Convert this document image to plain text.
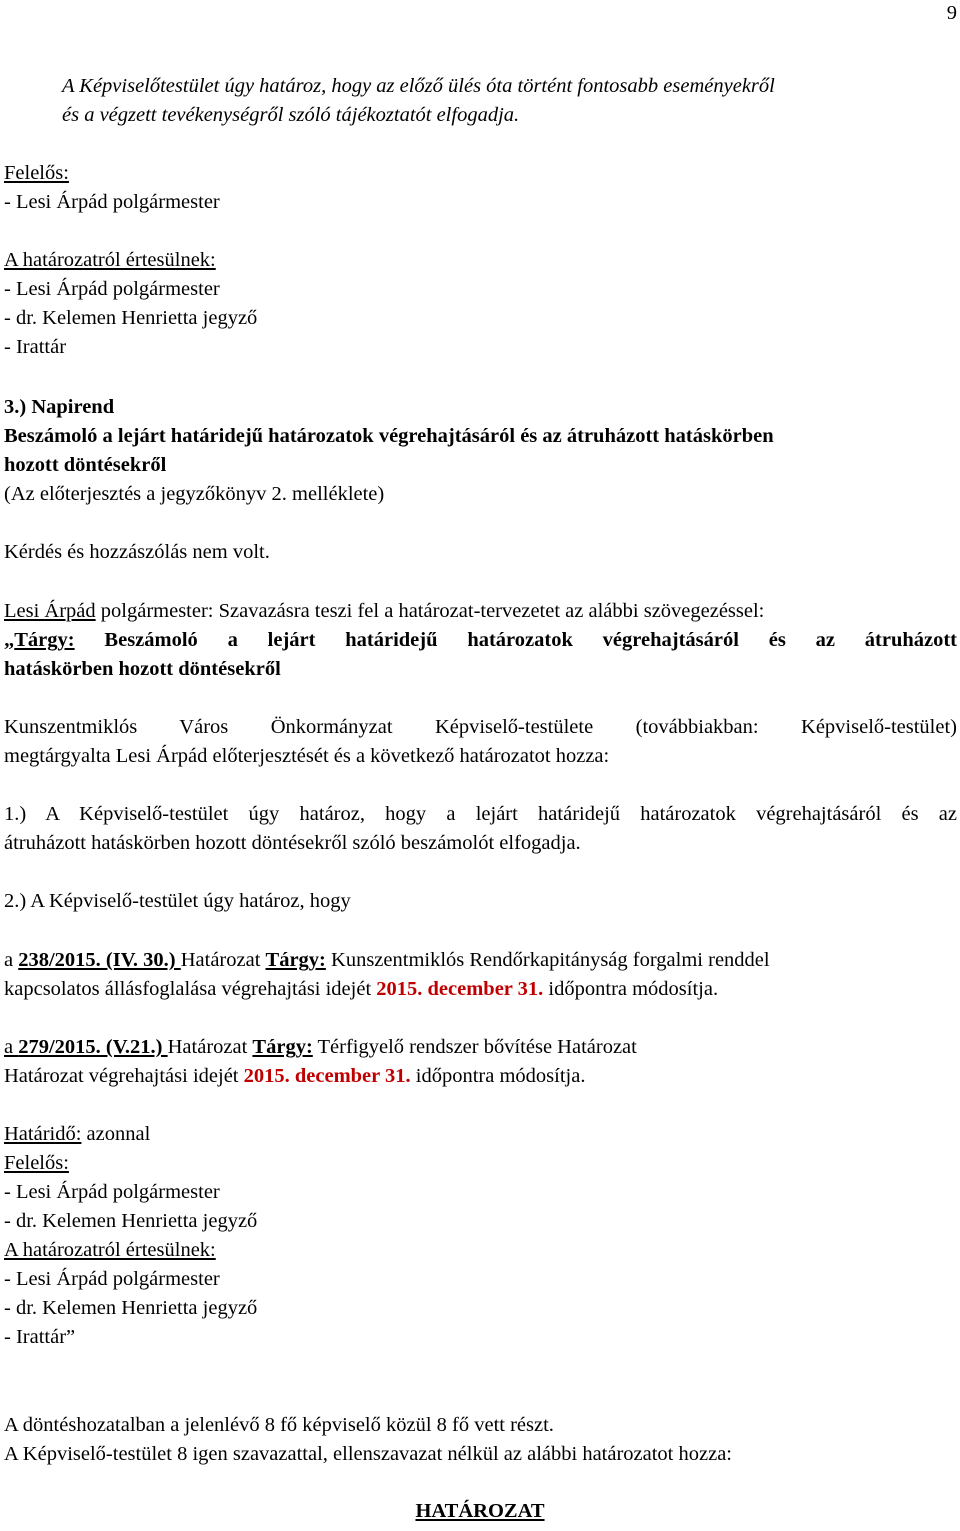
9
A Képviselőtestület úgy határoz, hogy az előző ülés óta történt fontosabb eseményekről
és a végzett tevékenységről szóló tájékoztatót elfogadja.
Felelős:
- Lesi Árpád polgármester
A határozatról értesülnek:
- Lesi Árpád polgármester
- dr. Kelemen Henrietta jegyző
- Irattár
3.) Napirend
Beszámoló a lejárt határidejű határozatok végrehajtásáról és az átruházott hatáskörben
hozott döntésekről
(Az előterjesztés a jegyzőkönyv 2. melléklete)
Kérdés és hozzászólás nem volt.
Lesi Árpád polgármester: Szavazásra teszi fel a határozat-tervezetet az alábbi szövegezéssel:
„Tárgy: Beszámoló a lejárt határidejű határozatok végrehajtásáról és az átruházott
hatáskörben hozott döntésekről
Kunszentmiklós Város Önkormányzat Képviselő-testülete (továbbiakban: Képviselő-testület)
megtárgyalta Lesi Árpád előterjesztését és a következő határozatot hozza:
1.) A Képviselő-testület úgy határoz, hogy a lejárt határidejű határozatok végrehajtásáról és az
átruházott hatáskörben hozott döntésekről szóló beszámolót elfogadja.
2.) A Képviselő-testület úgy határoz, hogy
a 238/2015. (IV. 30.) Határozat Tárgy: Kunszentmiklós Rendőrkapitányság forgalmi renddel
kapcsolatos állásfoglalása végrehajtási idejét 2015. december 31. időpontra módosítja.
a 279/2015. (V.21.) Határozat Tárgy: Térfigyelő rendszer bővítése Határozat
Határozat végrehajtási idejét 2015. december 31. időpontra módosítja.
Határidő: azonnal
Felelős:
- Lesi Árpád polgármester
- dr. Kelemen Henrietta jegyző
A határozatról értesülnek:
- Lesi Árpád polgármester
- dr. Kelemen Henrietta jegyző
- Irattár”
A döntéshozatalban a jelenlévő 8 fő képviselő közül 8 fő vett részt.
A Képviselő-testület 8 igen szavazattal, ellenszavazat nélkül az alábbi határozatot hozza:
HATÁROZAT
